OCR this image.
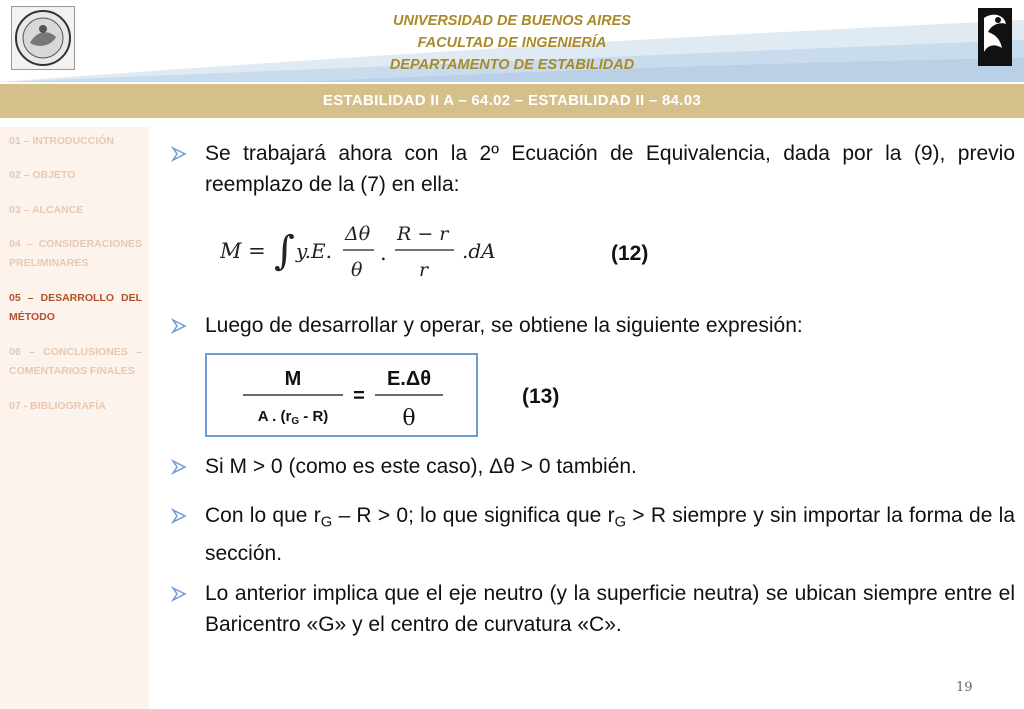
UNIVERSIDAD DE BUENOS AIRES
FACULTAD DE INGENIERÍA
DEPARTAMENTO DE ESTABILIDAD
ESTABILIDAD II A – 64.02 – ESTABILIDAD II – 84.03
01 – INTRODUCCIÓN
02 – OBJETO
03 – ALCANCE
04 – CONSIDERACIONES PRELIMINARES
05 – DESARROLLO DEL MÉTODO
06 – CONCLUSIONES – COMENTARIOS FINALES
07 - BIBLIOGRAFÍA
Se trabajará ahora con la 2º Ecuación de Equivalencia, dada por la (9), previo reemplazo de la (7) en ella:
M = ∫ y.E.
Δθ
θ
.
R − r
r
.dA	(12)
Luego de desarrollar y operar, se obtiene la siguiente expresión:
M
A . $(r_G - R)$
=
E.Δθ
θ
(13)
Si M > 0 (como es este caso), Δθ > 0 también.
Con lo que $r_G - R > 0$; lo que significa que $r_G > R$ siempre y sin importar la forma de la sección.
Lo anterior implica que el eje neutro (y la superficie neutra) se ubican siempre entre el Baricentro «G» y el centro de curvatura «C».
19
